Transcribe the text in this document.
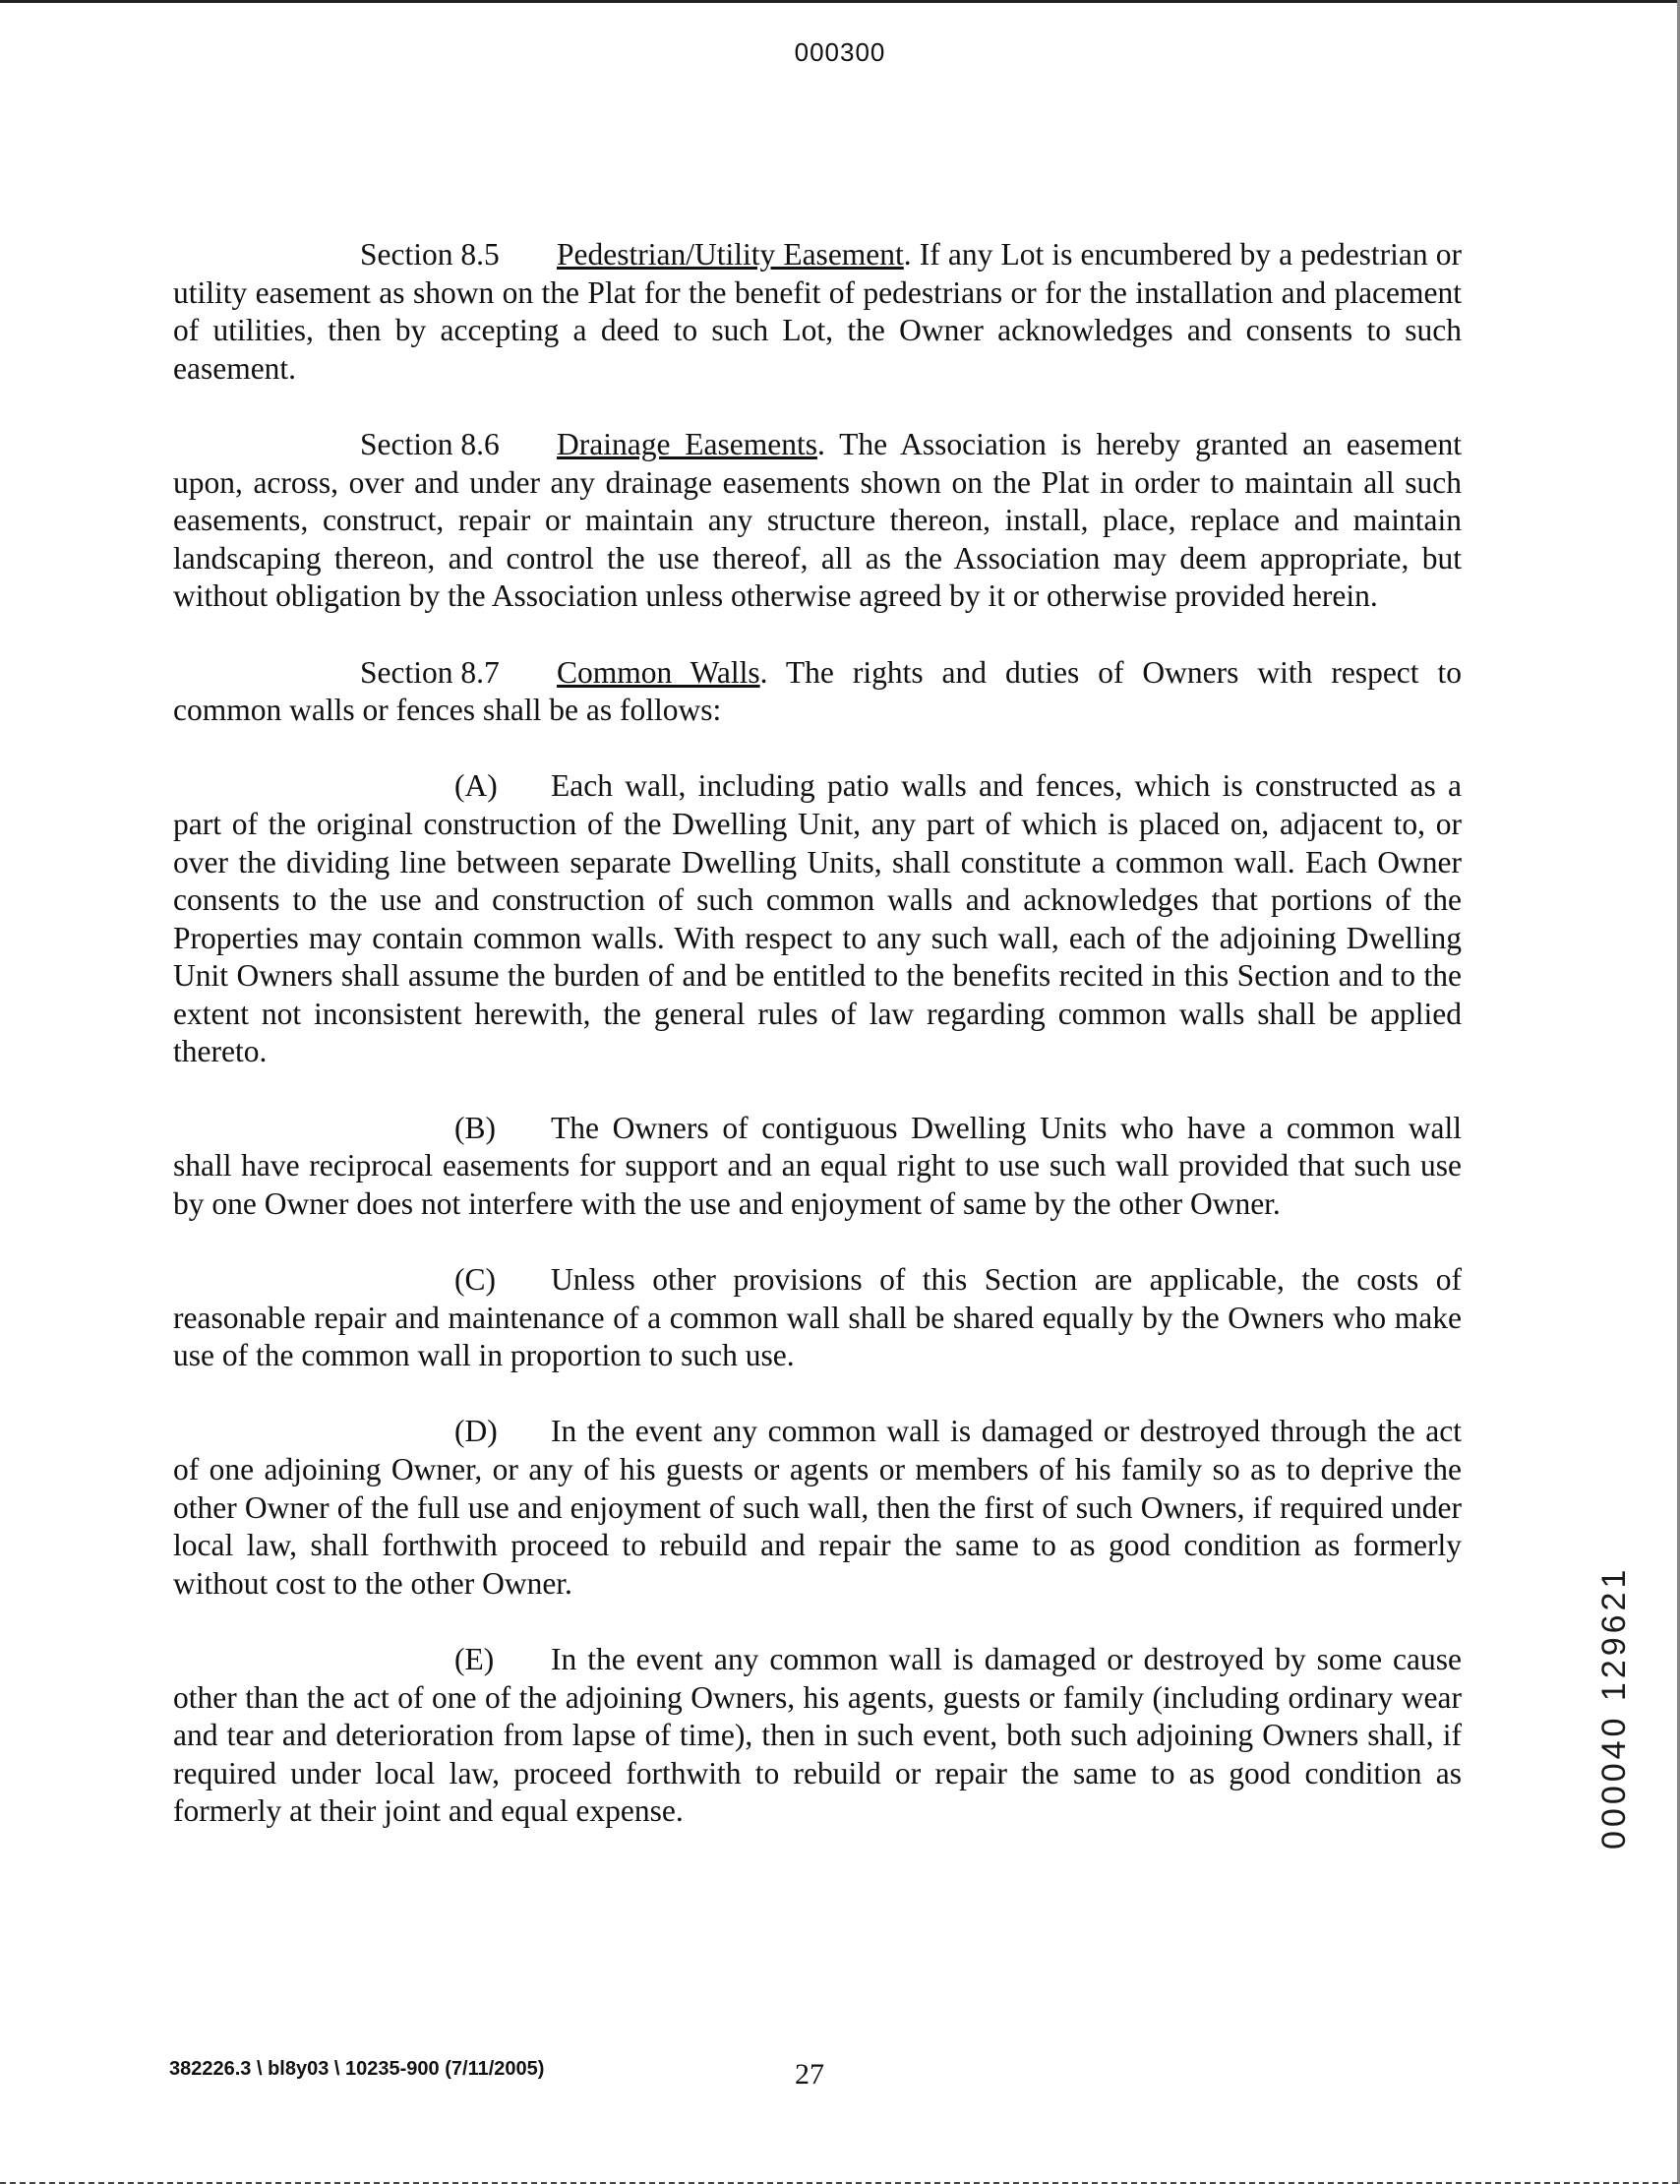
000300

Section 8.5 Pedestrian/Utility Easement. If any Lot is encumbered by a pedestrian or utility easement as shown on the Plat for the benefit of pedestrians or for the installation and placement of utilities, then by accepting a deed to such Lot, the Owner acknowledges and consents to such easement.

Section 8.6 Drainage Easements. The Association is hereby granted an easement upon, across, over and under any drainage easements shown on the Plat in order to maintain all such easements, construct, repair or maintain any structure thereon, install, place, replace and maintain landscaping thereon, and control the use thereof, all as the Association may deem appropriate, but without obligation by the Association unless otherwise agreed by it or otherwise provided herein.

Section 8.7 Common Walls. The rights and duties of Owners with respect to common walls or fences shall be as follows:

(A) Each wall, including patio walls and fences, which is constructed as a part of the original construction of the Dwelling Unit, any part of which is placed on, adjacent to, or over the dividing line between separate Dwelling Units, shall constitute a common wall. Each Owner consents to the use and construction of such common walls and acknowledges that portions of the Properties may contain common walls. With respect to any such wall, each of the adjoining Dwelling Unit Owners shall assume the burden of and be entitled to the benefits recited in this Section and to the extent not inconsistent herewith, the general rules of law regarding common walls shall be applied thereto.

(B) The Owners of contiguous Dwelling Units who have a common wall shall have reciprocal easements for support and an equal right to use such wall provided that such use by one Owner does not interfere with the use and enjoyment of same by the other Owner.

(C) Unless other provisions of this Section are applicable, the costs of reasonable repair and maintenance of a common wall shall be shared equally by the Owners who make use of the common wall in proportion to such use.

(D) In the event any common wall is damaged or destroyed through the act of one adjoining Owner, or any of his guests or agents or members of his family so as to deprive the other Owner of the full use and enjoyment of such wall, then the first of such Owners, if required under local law, shall forthwith proceed to rebuild and repair the same to as good condition as formerly without cost to the other Owner.

(E) In the event any common wall is damaged or destroyed by some cause other than the act of one of the adjoining Owners, his agents, guests or family (including ordinary wear and tear and deterioration from lapse of time), then in such event, both such adjoining Owners shall, if required under local law, proceed forthwith to rebuild or repair the same to as good condition as formerly at their joint and equal expense.	000040 129621
382226.3 \ bl8y03 \ 10235-900 (7/11/2005)	27
